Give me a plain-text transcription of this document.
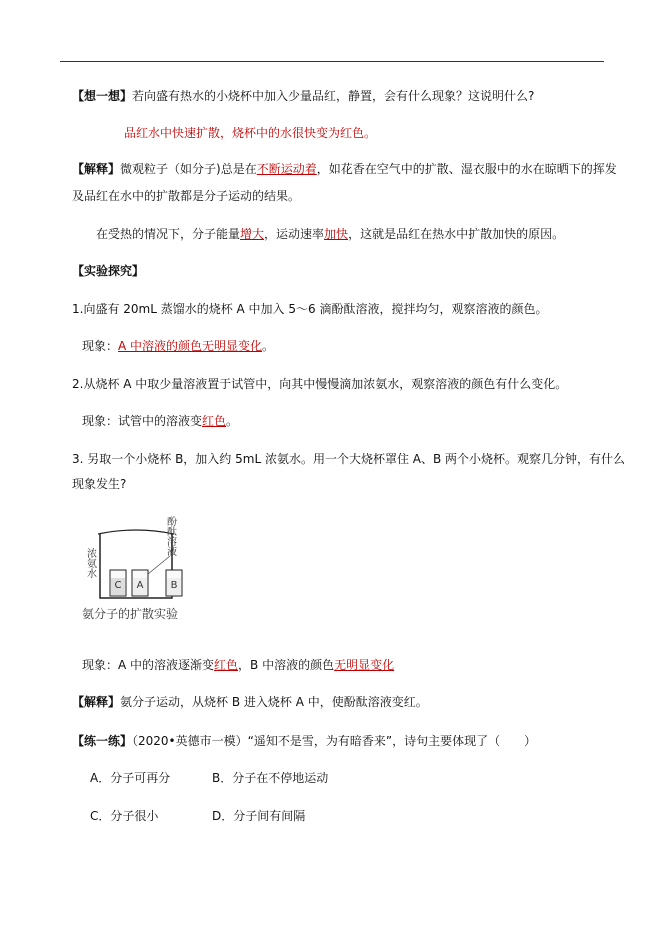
【想一想】若向盛有热水的小烧杯中加入少量品红，静置，会有什么现象？这说明什么?
品红水中快速扩散，烧杯中的水很快变为红色。
【解释】微观粒子（如分子)总是在不断运动着，如花香在空气中的扩散、湿衣服中的水在晾晒下的挥发
及品红在水中的扩散都是分子运动的结果。
在受热的情况下，分子能量增大，运动速率加快，这就是品红在热水中扩散加快的原因。
【实验探究】
1.向盛有 20mL 蒸馏水的烧杯 A 中加入 5～6 滴酚酞溶液，搅拌均匀，观察溶液的颜色。
现象：A 中溶液的颜色无明显变化。
2.从烧杯 A 中取少量溶液置于试管中，向其中慢慢滴加浓氨水，观察溶液的颜色有什么变化。
现象：试管中的溶液变红色。
3. 另取一个小烧杯 B，加入约 5mL 浓氨水。用一个大烧杯罩住 A、B 两个小烧杯。观察几分钟，有什么
现象发生?
C A	B
浓氨水
酚酞溶液
氨分子的扩散实验
现象：A 中的溶液逐渐变红色，B 中溶液的颜色无明显变化
【解释】氨分子运动，从烧杯 B 进入烧杯 A 中，使酚酞溶液变红。
【练一练】（2020•英德市一模）“遥知不是雪，为有暗香来”，诗句主要体现了（　　）
A．分子可再分	B．分子在不停地运动
C．分子很小	D．分子间有间隔
